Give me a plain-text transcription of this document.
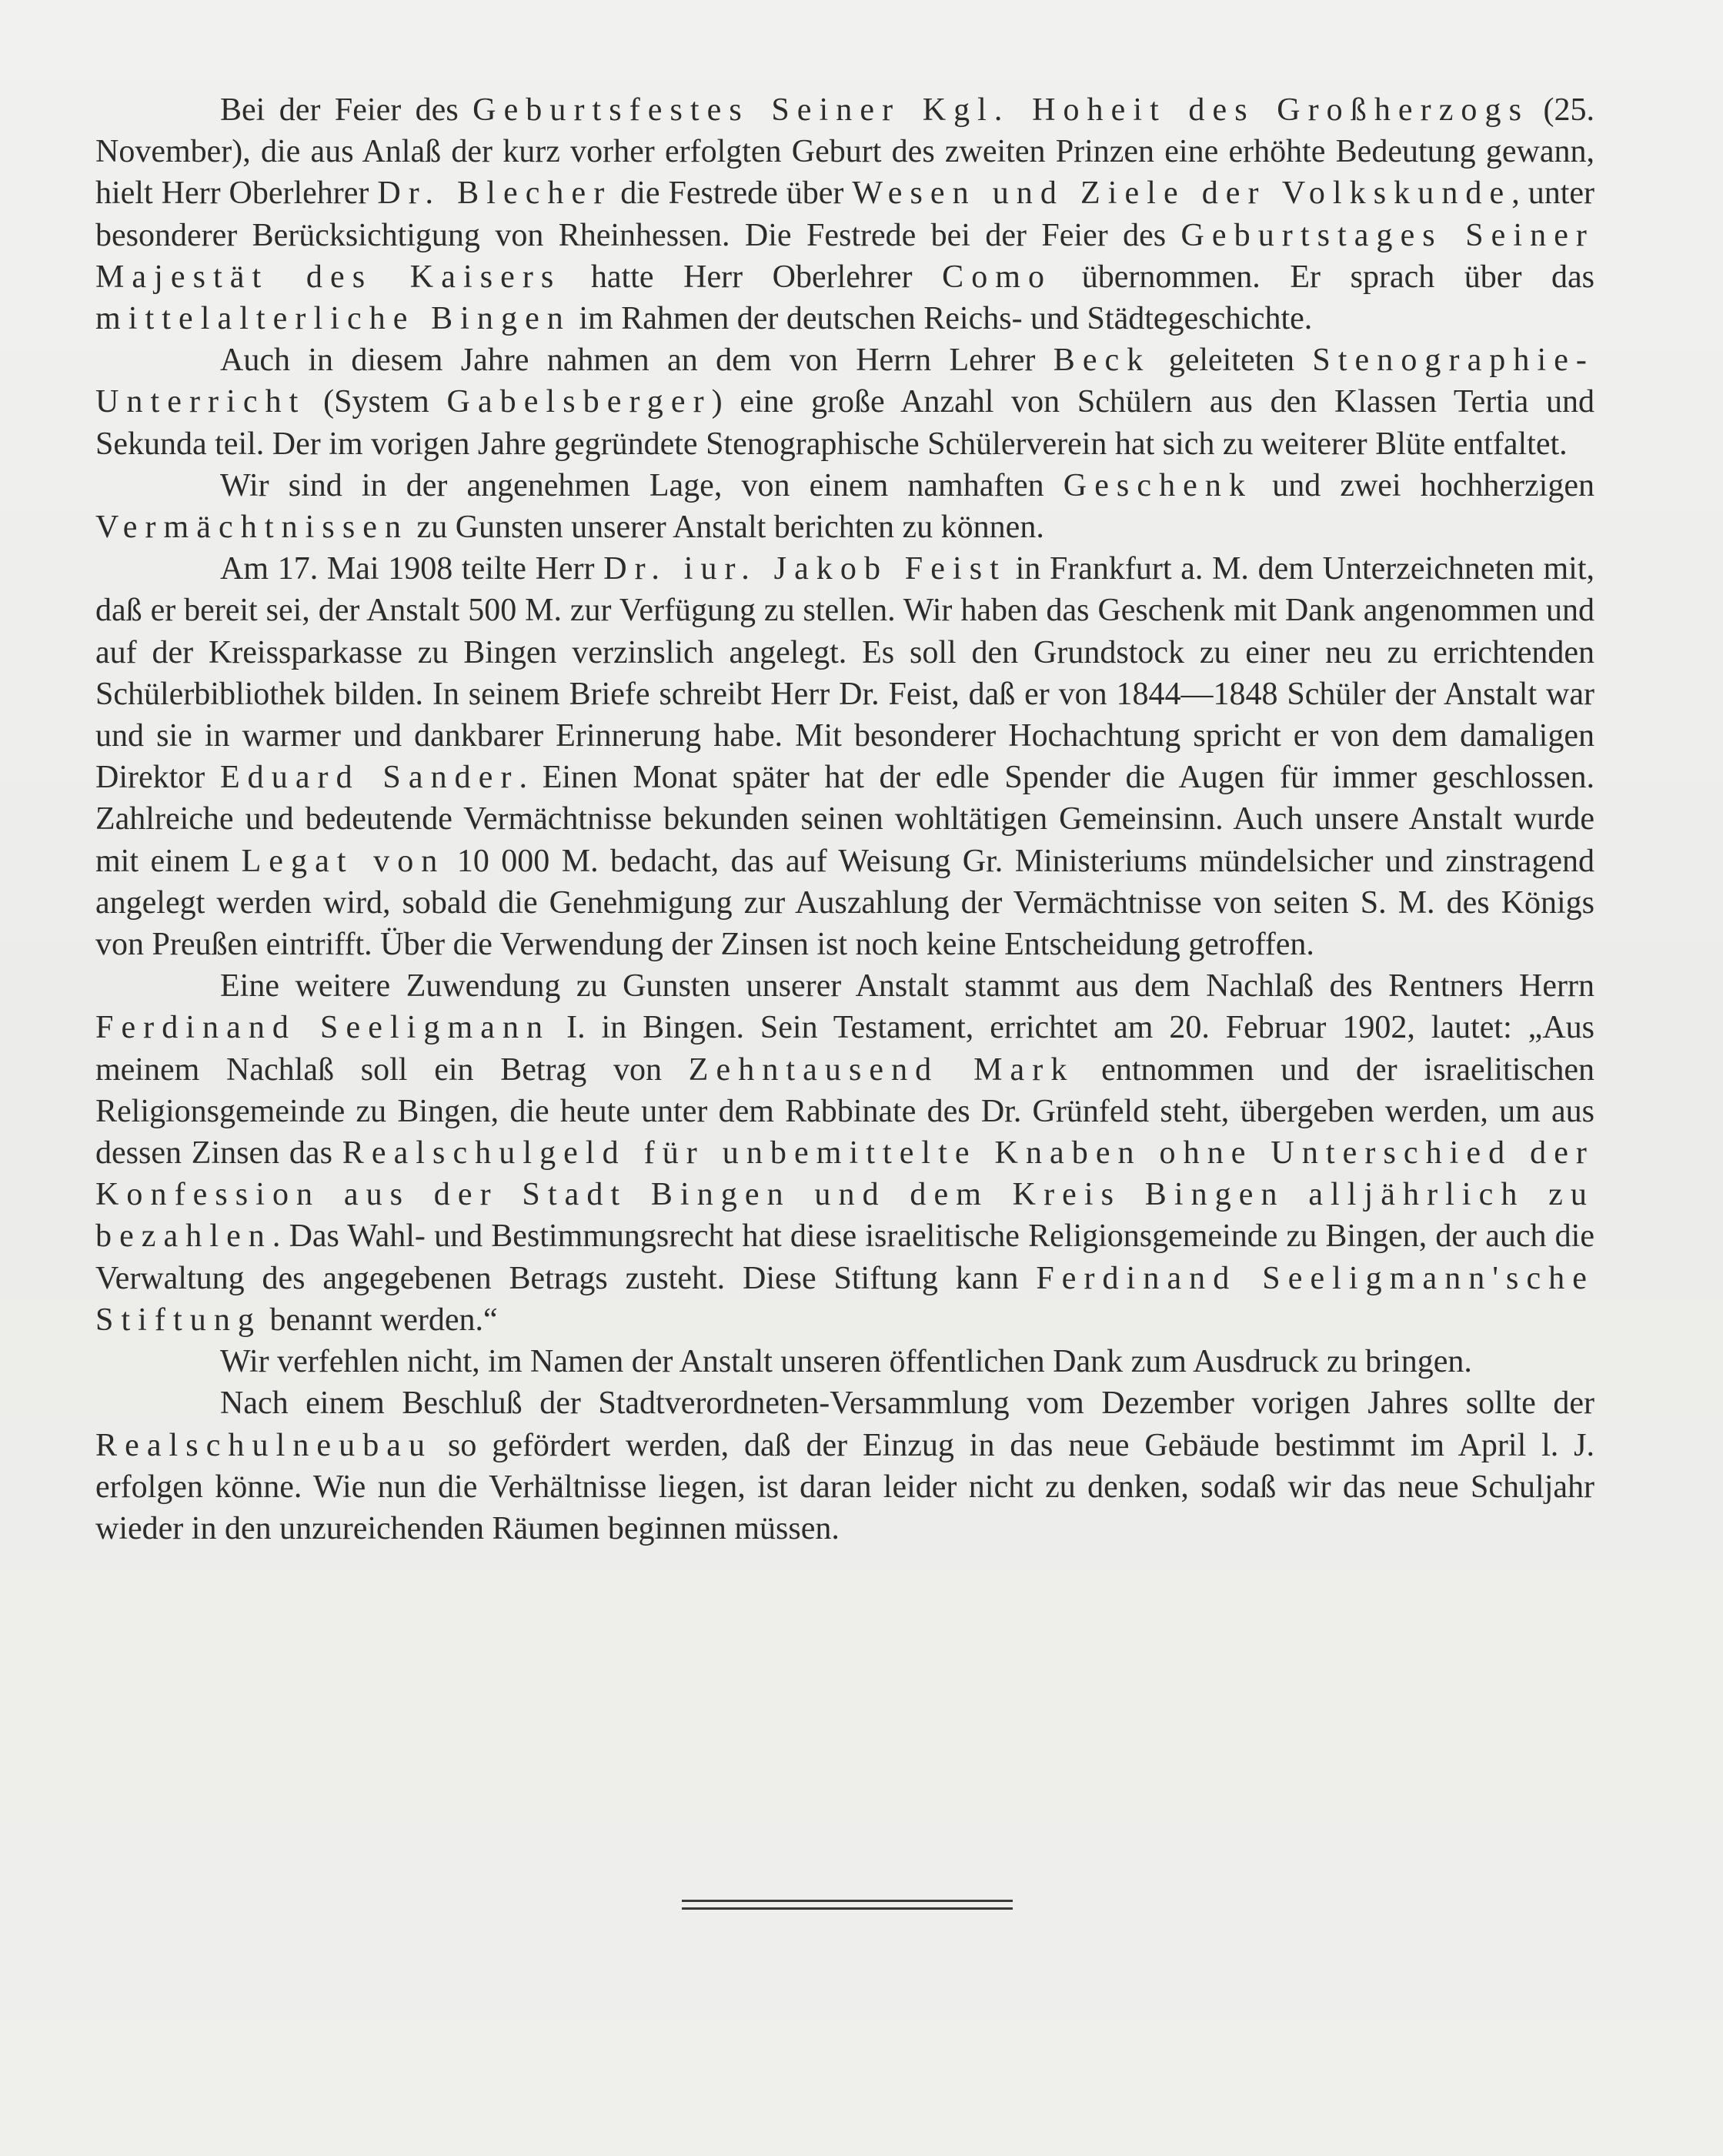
Bei der Feier des Geburtsfestes Seiner Kgl. Hoheit des Großherzogs (25. November), die aus Anlaß der kurz vorher erfolgten Geburt des zweiten Prinzen eine erhöhte Bedeutung gewann, hielt Herr Oberlehrer Dr. Blecher die Festrede über Wesen und Ziele der Volkskunde, unter besonderer Berücksichtigung von Rheinhessen. Die Festrede bei der Feier des Geburtstages Seiner Majestät des Kaisers hatte Herr Oberlehrer Como übernommen. Er sprach über das mittelalterliche Bingen im Rahmen der deutschen Reichs- und Städtegeschichte.

Auch in diesem Jahre nahmen an dem von Herrn Lehrer Beck geleiteten Stenographie-Unterricht (System Gabelsberger) eine große Anzahl von Schülern aus den Klassen Tertia und Sekunda teil. Der im vorigen Jahre gegründete Stenographische Schülerverein hat sich zu weiterer Blüte entfaltet.

Wir sind in der angenehmen Lage, von einem namhaften Geschenk und zwei hochherzigen Vermächtnissen zu Gunsten unserer Anstalt berichten zu können.

Am 17. Mai 1908 teilte Herr Dr. iur. Jakob Feist in Frankfurt a. M. dem Unterzeichneten mit, daß er bereit sei, der Anstalt 500 M. zur Verfügung zu stellen. Wir haben das Geschenk mit Dank angenommen und auf der Kreissparkasse zu Bingen verzinslich angelegt. Es soll den Grundstock zu einer neu zu errichtenden Schülerbibliothek bilden. In seinem Briefe schreibt Herr Dr. Feist, daß er von 1844—1848 Schüler der Anstalt war und sie in warmer und dankbarer Erinnerung habe. Mit besonderer Hochachtung spricht er von dem damaligen Direktor Eduard Sander. Einen Monat später hat der edle Spender die Augen für immer geschlossen. Zahlreiche und bedeutende Vermächtnisse bekunden seinen wohltätigen Gemeinsinn. Auch unsere Anstalt wurde mit einem Legat von 10 000 M. bedacht, das auf Weisung Gr. Ministeriums mündelsicher und zinstragend angelegt werden wird, sobald die Genehmigung zur Auszahlung der Vermächtnisse von seiten S. M. des Königs von Preußen eintrifft. Über die Verwendung der Zinsen ist noch keine Entscheidung getroffen.

Eine weitere Zuwendung zu Gunsten unserer Anstalt stammt aus dem Nachlaß des Rentners Herrn Ferdinand Seeligmann I. in Bingen. Sein Testament, errichtet am 20. Februar 1902, lautet: „Aus meinem Nachlaß soll ein Betrag von Zehntausend Mark entnommen und der israelitischen Religionsgemeinde zu Bingen, die heute unter dem Rabbinate des Dr. Grünfeld steht, übergeben werden, um aus dessen Zinsen das Realschulgeld für unbemittelte Knaben ohne Unterschied der Konfession aus der Stadt Bingen und dem Kreis Bingen alljährlich zu bezahlen. Das Wahl- und Bestimmungsrecht hat diese israelitische Religionsgemeinde zu Bingen, der auch die Verwaltung des angegebenen Betrags zusteht. Diese Stiftung kann Ferdinand Seeligmann'sche Stiftung benannt werden.“

Wir verfehlen nicht, im Namen der Anstalt unseren öffentlichen Dank zum Ausdruck zu bringen.

Nach einem Beschluß der Stadtverordneten-Versammlung vom Dezember vorigen Jahres sollte der Realschulneubau so gefördert werden, daß der Einzug in das neue Gebäude bestimmt im April l. J. erfolgen könne. Wie nun die Verhältnisse liegen, ist daran leider nicht zu denken, sodaß wir das neue Schuljahr wieder in den unzureichenden Räumen beginnen müssen.
